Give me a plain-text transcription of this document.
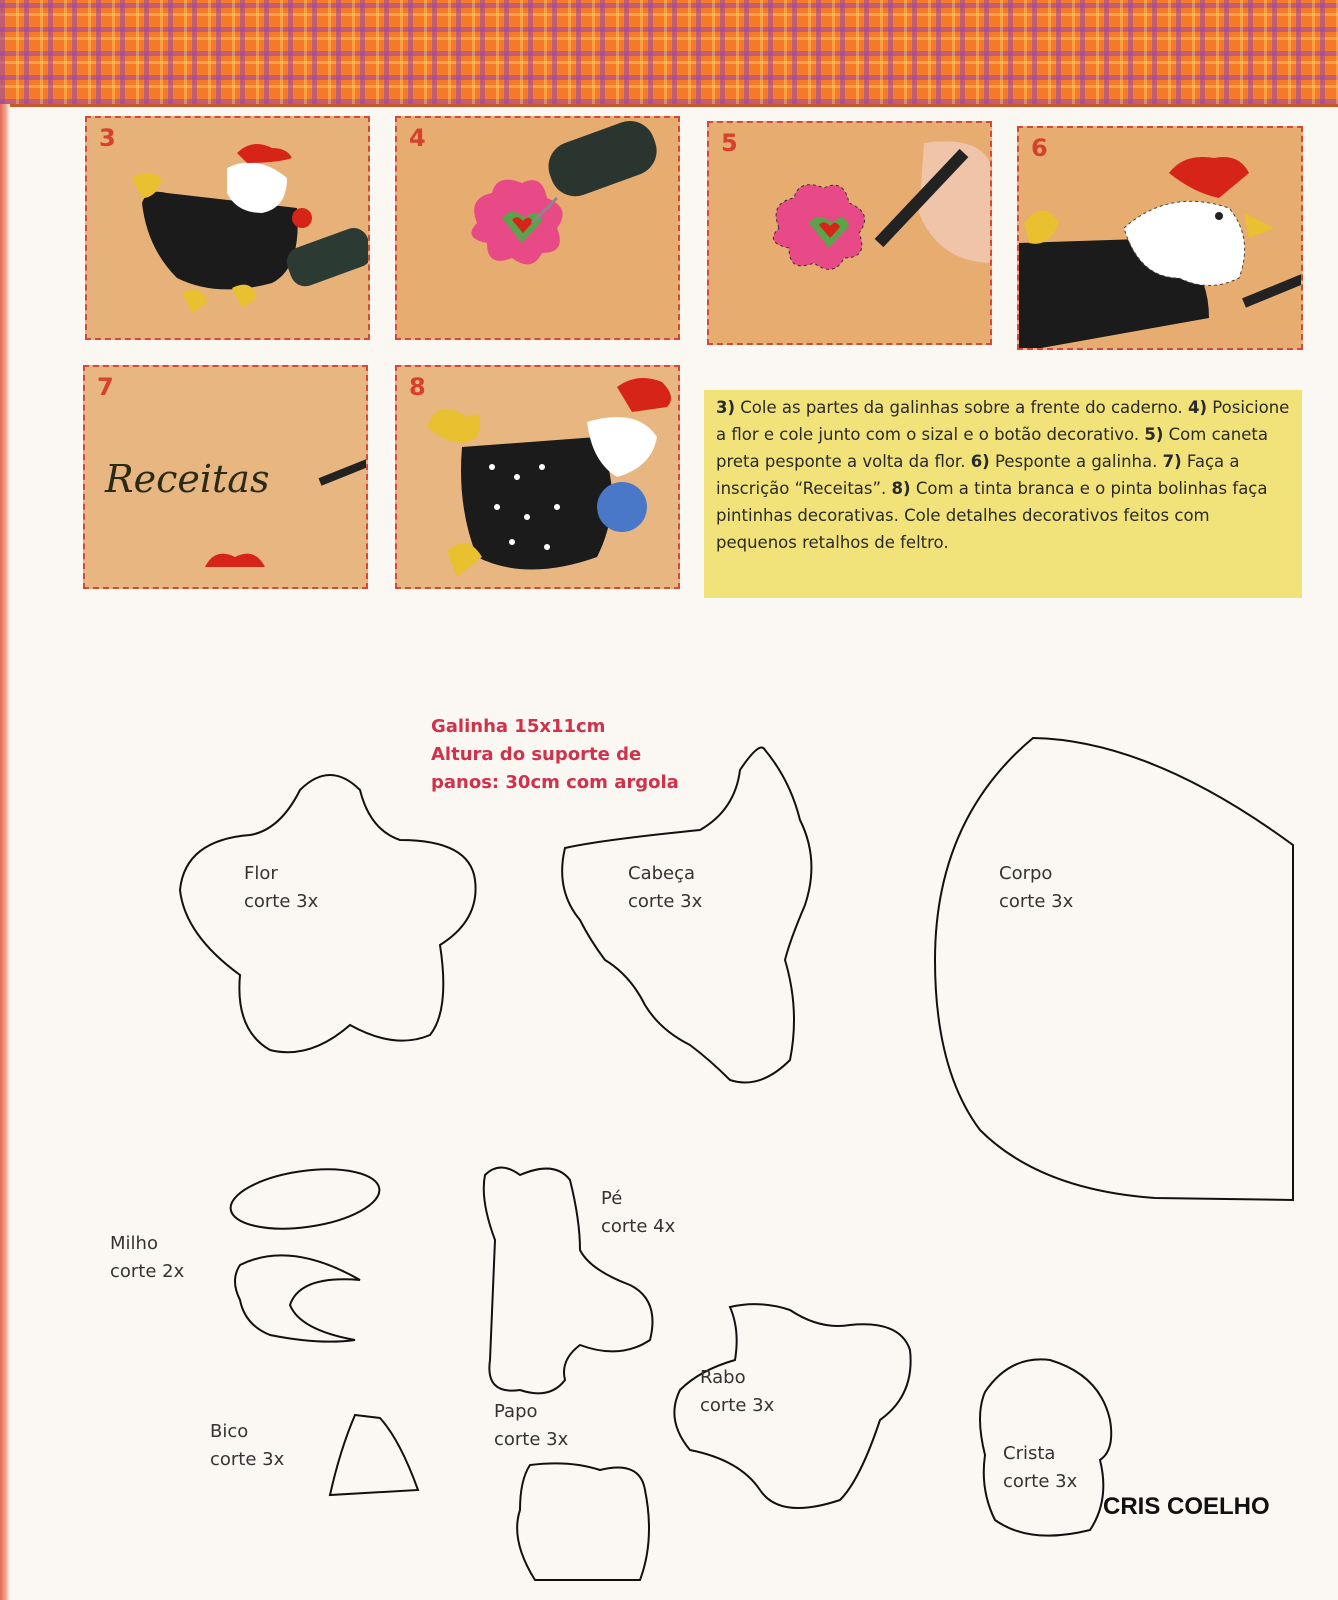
3	4	5	6
7
Receitas
8
3) Cole as partes da galinhas sobre a frente do caderno. 4) Posicione a flor e cole junto com o sizal e o botão decorativo. 5) Com caneta preta pesponte a volta da flor. 6) Pesponte a galinha. 7) Faça a inscrição “Receitas”. 8) Com a tinta branca e o pinta bolinhas faça pintinhas decorativas. Cole detalhes decorativos feitos com pequenos retalhos de feltro.
Galinha 15x11cm
Altura do suporte de
panos: 30cm com argola
Flor
corte 3x
Cabeça
corte 3x
Corpo
corte 3x
Milho
corte 2x
Pé
corte 4x
Bico
corte 3x
Papo
corte 3x
Rabo
corte 3x
Crista
corte 3x
CRIS COELHO
